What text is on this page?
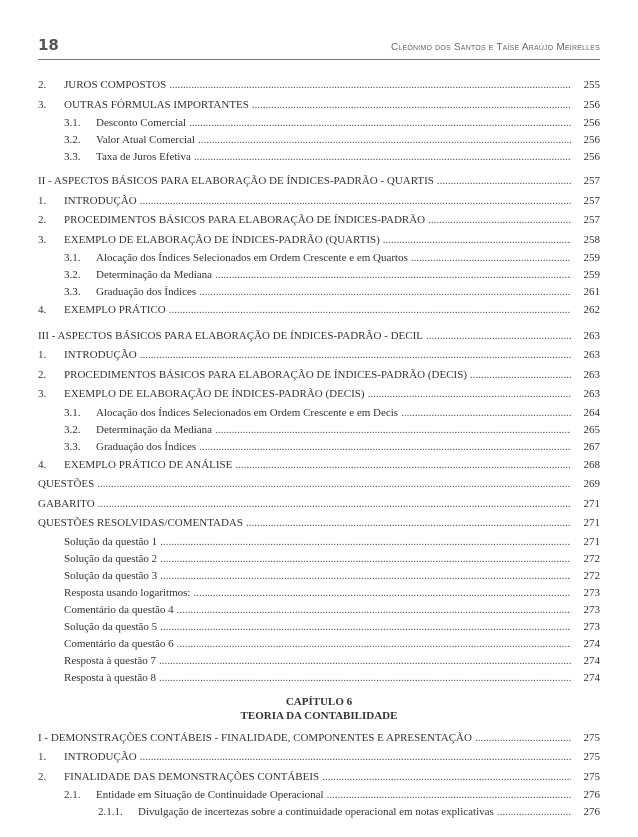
18	Cleônimo dos Santos e Taíse Araújo Meirelles
2.	JUROS COMPOSTOS .....	255
3.	OUTRAS FÓRMULAS IMPORTANTES .....	256
3.1.	Desconto Comercial .....	256
3.2.	Valor Atual Comercial .....	256
3.3.	Taxa de Juros Efetiva .....	256
II - ASPECTOS BÁSICOS PARA ELABORAÇÃO DE ÍNDICES-PADRÃO - QUARTIS .....	257
1.	INTRODUÇÃO .....	257
2.	PROCEDIMENTOS BÁSICOS PARA ELABORAÇÃO DE ÍNDICES-PADRÃO .....	257
3.	EXEMPLO DE ELABORAÇÃO DE ÍNDICES-PADRÃO (QUARTIS) .....	258
3.1.	Alocação dos Índices Selecionados em Ordem Crescente e em Quartos .....	259
3.2.	Determinação da Mediana .....	259
3.3.	Graduação dos Índices .....	261
4.	EXEMPLO PRÁTICO .....	262
III - ASPECTOS BÁSICOS PARA ELABORAÇÃO DE ÍNDICES-PADRÃO - DECIL .....	263
1.	INTRODUÇÃO .....	263
2.	PROCEDIMENTOS BÁSICOS PARA ELABORAÇÃO DE ÍNDICES-PADRÃO (DECIS) .....	263
3.	EXEMPLO DE ELABORAÇÃO DE ÍNDICES-PADRÃO (DECIS) .....	263
3.1.	Alocação dos Índices Selecionados em Ordem Crescente e em Decis .....	264
3.2.	Determinação da Mediana .....	265
3.3.	Graduação dos Índices .....	267
4.	EXEMPLO PRÁTICO DE ANÁLISE .....	268
QUESTÕES .....	269
GABARITO .....	271
QUESTÕES RESOLVIDAS/COMENTADAS .....	271
Solução da questão 1 .....	271
Solução da questão 2 .....	272
Solução da questão 3 .....	272
Resposta usando logaritmos: .....	273
Comentário da questão 4 .....	273
Solução da questão 5 .....	273
Comentário da questão 6 .....	274
Resposta à questão 7 .....	274
Resposta à questão 8 .....	274
CAPÍTULO 6
TEORIA DA CONTABILIDADE
I - DEMONSTRAÇÕES CONTÁBEIS - FINALIDADE, COMPONENTES E APRESENTAÇÃO .....	275
1.	INTRODUÇÃO .....	275
2.	FINALIDADE DAS DEMONSTRAÇÕES CONTÁBEIS .....	275
2.1.	Entidade em Situação de Continuidade Operacional .....	276
2.1.1.	Divulgação de incertezas sobre a continuidade operacional em notas explicativas .....	276
